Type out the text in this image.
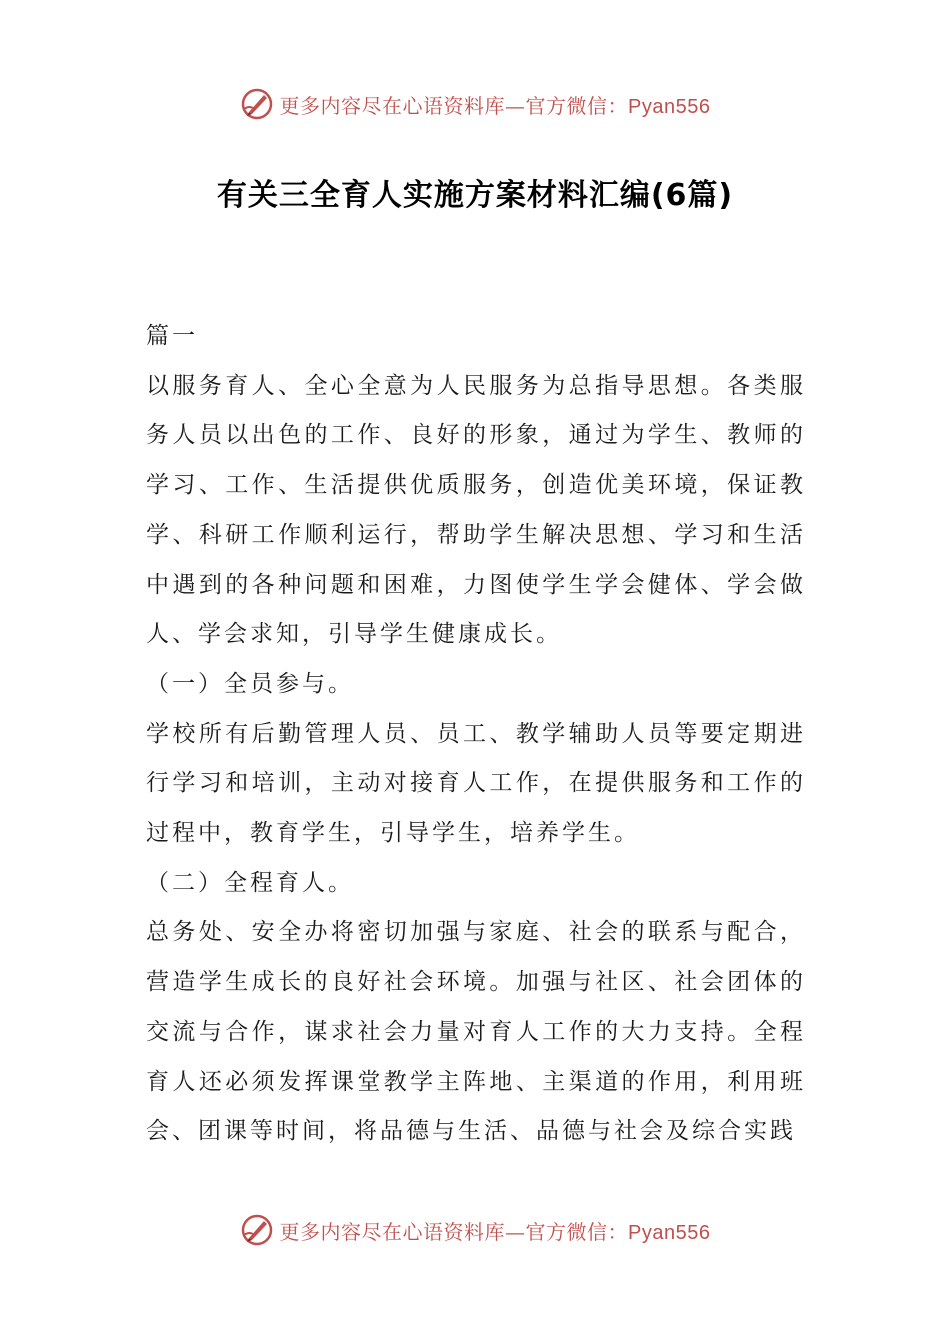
更多内容尽在心语资料库—官方微信：Pyan556
有关三全育人实施方案材料汇编(6篇)

篇一

以服务育人、全心全意为人民服务为总指导思想。各类服务人员以出色的工作、良好的形象，通过为学生、教师的学习、工作、生活提供优质服务，创造优美环境，保证教学、科研工作顺利运行，帮助学生解决思想、学习和生活中遇到的各种问题和困难，力图使学生学会健体、学会做人、学会求知，引导学生健康成长。

（一）全员参与。

学校所有后勤管理人员、员工、教学辅助人员等要定期进行学习和培训，主动对接育人工作，在提供服务和工作的过程中，教育学生，引导学生，培养学生。

（二）全程育人。

总务处、安全办将密切加强与家庭、社会的联系与配合，营造学生成长的良好社会环境。加强与社区、社会团体的交流与合作，谋求社会力量对育人工作的大力支持。全程育人还必须发挥课堂教学主阵地、主渠道的作用，利用班会、团课等时间，将品德与生活、品德与社会及综合实践

更多内容尽在心语资料库—官方微信：Pyan556
